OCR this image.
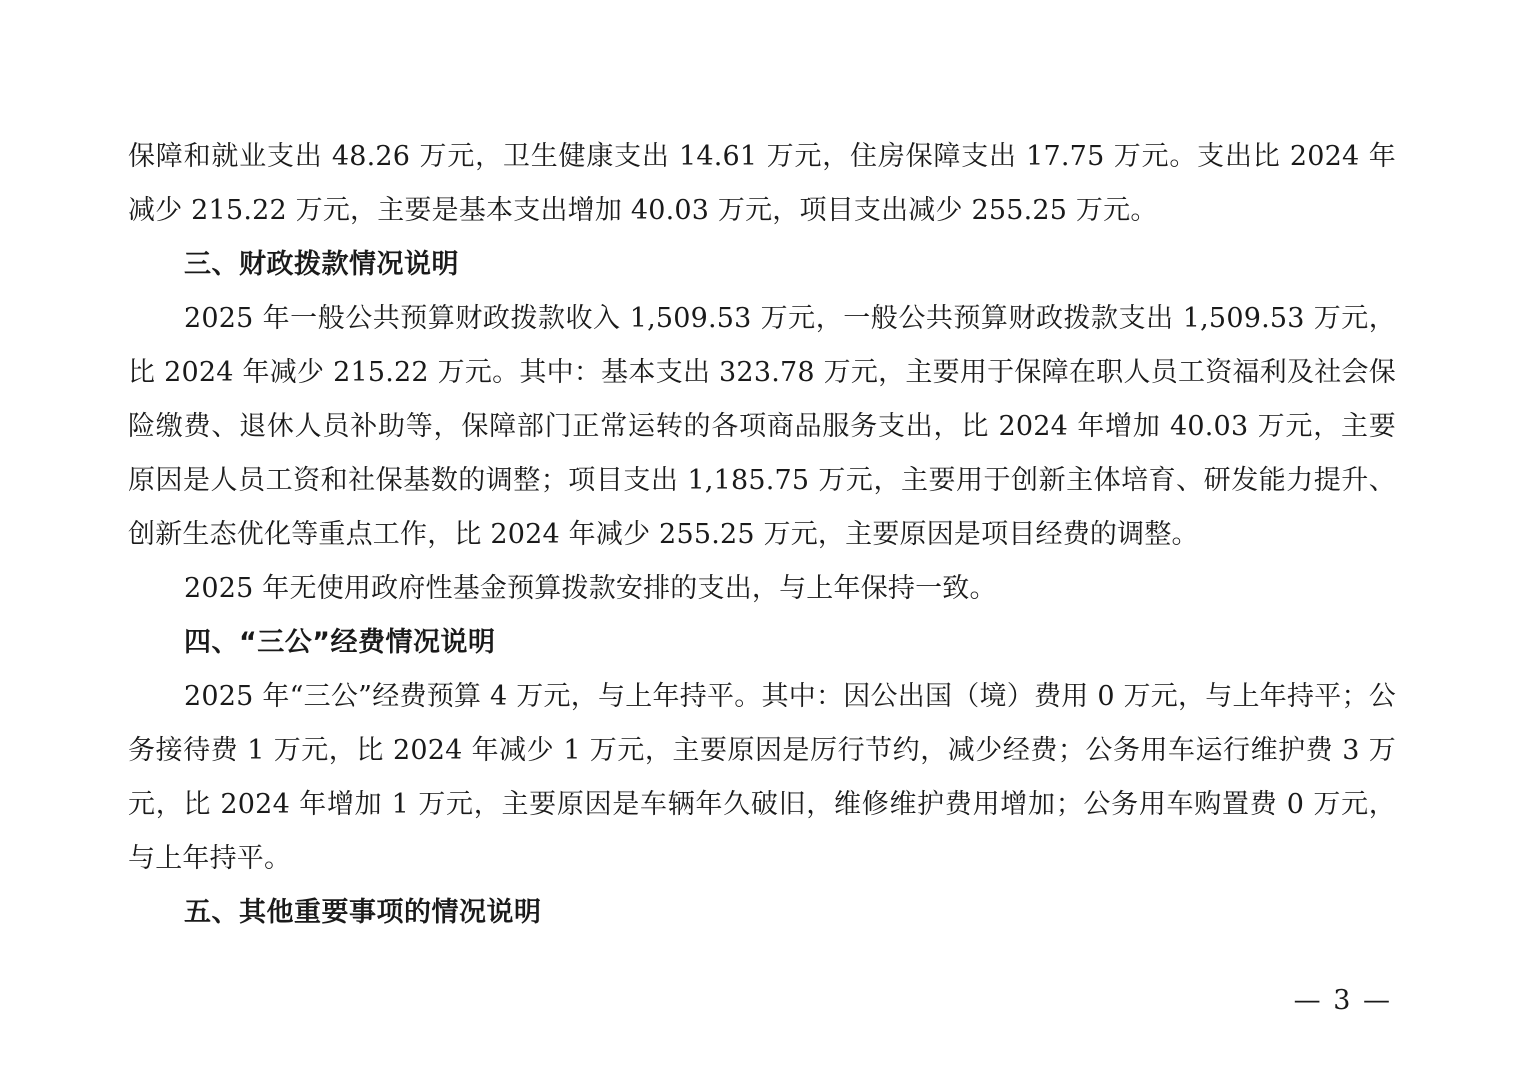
保障和就业支出 48.26 万元，卫生健康支出 14.61 万元，住房保障支出 17.75 万元。支出比 2024 年减少 215.22 万元，主要是基本支出增加 40.03 万元，项目支出减少 255.25 万元。

三、财政拨款情况说明

2025 年一般公共预算财政拨款收入 1,509.53 万元，一般公共预算财政拨款支出 1,509.53 万元，比 2024 年减少 215.22 万元。其中：基本支出 323.78 万元，主要用于保障在职人员工资福利及社会保险缴费、退休人员补助等，保障部门正常运转的各项商品服务支出，比 2024 年增加 40.03 万元，主要原因是人员工资和社保基数的调整；项目支出 1,185.75 万元，主要用于创新主体培育、研发能力提升、创新生态优化等重点工作，比 2024 年减少 255.25 万元，主要原因是项目经费的调整。

2025 年无使用政府性基金预算拨款安排的支出，与上年保持一致。

四、“三公”经费情况说明

2025 年“三公”经费预算 4 万元，与上年持平。其中：因公出国（境）费用 0 万元，与上年持平；公务接待费 1 万元，比 2024 年减少 1 万元，主要原因是厉行节约，减少经费；公务用车运行维护费 3 万元，比 2024 年增加 1 万元，主要原因是车辆年久破旧，维修维护费用增加；公务用车购置费 0 万元，与上年持平。

五、其他重要事项的情况说明
— 3 —
